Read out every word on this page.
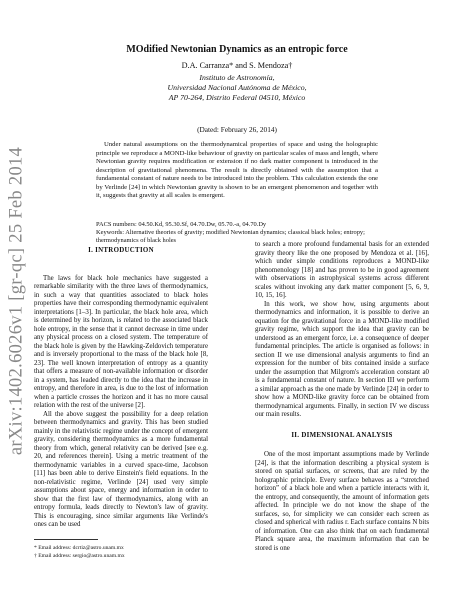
arXiv:1402.6026v1 [gr-qc] 25 Feb 2014
MOdified Newtonian Dynamics as an entropic force
D.A. Carranza* and S. Mendoza†
Instituto de Astronomía,
Universidad Nacional Autónoma de México,
AP 70-264, Distrito Federal 04510, México
(Dated: February 26, 2014)

Under natural assumptions on the thermodynamical properties of space and using the holographic principle we reproduce a MOND-like behaviour of gravity on particular scales of mass and length, where Newtonian gravity requires modification or extension if no dark matter component is introduced in the description of gravitational phenomena. The result is directly obtained with the assumption that a fundamental constant of nature needs to be introduced into the problem. This calculation extends the one by Verlinde [24] in which Newtonian gravity is shown to be an emergent phenomenon and together with it, suggests that gravity at all scales is emergent.

PACS numbers: 04.50.Kd, 95.30.Sf, 04.70.Dw, 05.70.-a, 04.70.Dy
Keywords: Alternative theories of gravity; modified Newtonian dynamics; classical black holes; entropy; thermodynamics of black holes
I. INTRODUCTION

The laws for black hole mechanics have suggested a remarkable similarity with the three laws of thermodynamics, in such a way that quantities associated to black holes properties have their corresponding thermodynamic equivalent interpretations [1–3]. In particular, the black hole area, which is determined by its horizon, is related to the associated black hole entropy, in the sense that it cannot decrease in time under any physical process on a closed system. The temperature of the black hole is given by the Hawking-Zeldovich temperature and is inversely proportional to the mass of the black hole [8, 23]. The well known interpretation of entropy as a quantity that offers a measure of non-available information or disorder in a system, has leaded directly to the idea that the increase in entropy, and therefore in area, is due to the lost of information when a particle crosses the horizon and it has no more causal relation with the rest of the universe [2].

All the above suggest the possibility for a deep relation between thermodynamics and gravity. This has been studied mainly in the relativistic regime under the concept of emergent gravity, considering thermodynamics as a more fundamental theory from which, general relativity can be derived [see e.g. 20, and references therein]. Using a metric treatment of the thermodynamic variables in a curved space-time, Jacobson [11] has been able to derive Einstein's field equations. In the non-relativistic regime, Verlinde [24] used very simple assumptions about space, energy and information in order to show that the first law of thermodynamics, along with an entropy formula, leads directly to Newton's law of gravity. This is encouraging, since similar arguments like Verlinde's ones can be used

to search a more profound fundamental basis for an extended gravity theory like the one proposed by Mendoza et al. [16], which under simple conditions reproduces a MOND-like phenomenology [18] and has proven to be in good agreement with observations in astrophysical systems across different scales without invoking any dark matter component [5, 6, 9, 10, 15, 16].

In this work, we show how, using arguments about thermodynamics and information, it is possible to derive an equation for the gravitational force in a MOND-like modified gravity regime, which support the idea that gravity can be understood as an emergent force, i.e. a consequence of deeper fundamental principles. The article is organised as follows: in section II we use dimensional analysis arguments to find an expression for the number of bits contained inside a surface under the assumption that Milgrom's acceleration constant a0 is a fundamental constant of nature. In section III we perform a similar approach as the one made by Verlinde [24] in order to show how a MOND-like gravity force can be obtained from thermodynamical arguments. Finally, in section IV we discuss our main results.

II. DIMENSIONAL ANALYSIS

One of the most important assumptions made by Verlinde [24], is that the information describing a physical system is stored on spatial surfaces, or screens, that are ruled by the holographic principle. Every surface behaves as a “stretched horizon” of a black hole and when a particle interacts with it, the entropy, and consequently, the amount of information gets affected. In principle we do not know the shape of the surfaces, so, for simplicity we can consider each screen as closed and spherical with radius r. Each surface contains N bits of information. One can also think that on each fundamental Planck square area, the maximum information that can be stored is one

* Email address: dcrtiz@astro.unam.mx
† Email address: sergio@astro.unam.mx
